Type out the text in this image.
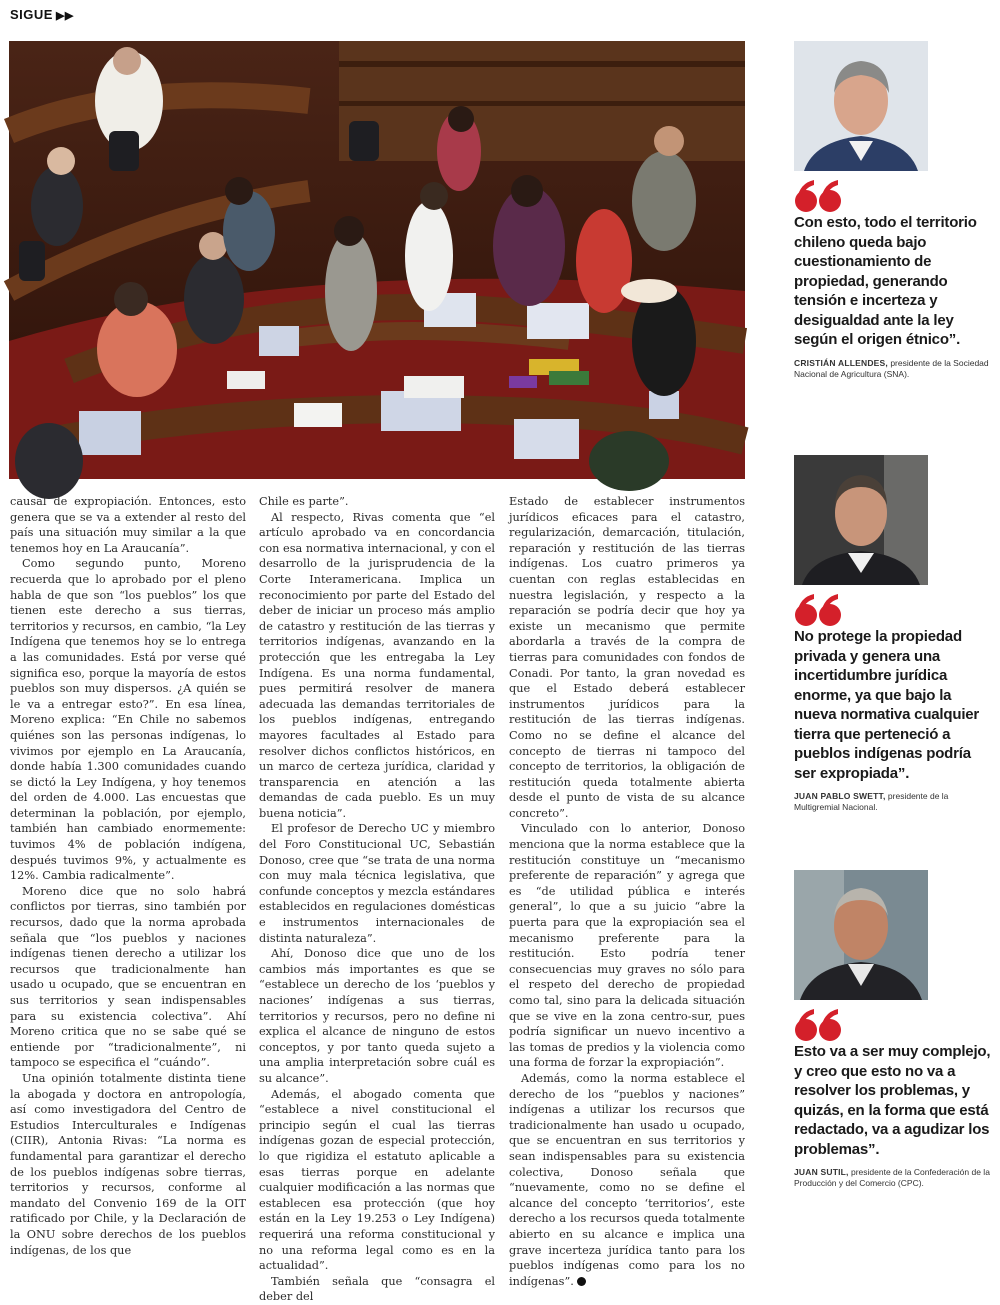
SIGUE ▶▶

causal de expropiación. Entonces, esto genera que se va a extender al resto del país una situación muy similar a la que tenemos hoy en La Araucanía”.

Como segundo punto, Moreno recuerda que lo aprobado por el pleno habla de que son “los pueblos” los que tienen este derecho a sus tierras, territorios y recursos, en cambio, “la Ley Indígena que tenemos hoy se lo entrega a las comunidades. Está por verse qué significa eso, porque la mayoría de estos pueblos son muy dispersos. ¿A quién se le va a entregar esto?”. En esa línea, Moreno explica: “En Chile no sabemos quiénes son las personas indígenas, lo vivimos por ejemplo en La Araucanía, donde había 1.300 comunidades cuando se dictó la Ley Indígena, y hoy tenemos del orden de 4.000. Las encuestas que determinan la población, por ejemplo, también han cambiado enormemente: tuvimos 4% de población indígena, después tuvimos 9%, y actualmente es 12%. Cambia radicalmente”.

Moreno dice que no solo habrá conflictos por tierras, sino también por recursos, dado que la norma aprobada señala que “los pueblos y naciones indígenas tienen derecho a utilizar los recursos que tradicionalmente han usado u ocupado, que se encuentran en sus territorios y sean indispensables para su existencia colectiva”. Ahí Moreno critica que no se sabe qué se entiende por “tradicionalmente”, ni tampoco se especifica el “cuándo”.

Una opinión totalmente distinta tiene la abogada y doctora en antropología, así como investigadora del Centro de Estudios Interculturales e Indígenas (CIIR), Antonia Rivas: “La norma es fundamental para garantizar el derecho de los pueblos indígenas sobre tierras, territorios y recursos, conforme al mandato del Convenio 169 de la OIT ratificado por Chile, y la Declaración de la ONU sobre derechos de los pueblos indígenas, de los que

Chile es parte”.

Al respecto, Rivas comenta que “el artículo aprobado va en concordancia con esa normativa internacional, y con el desarrollo de la jurisprudencia de la Corte Interamericana. Implica un reconocimiento por parte del Estado del deber de iniciar un proceso más amplio de catastro y restitución de las tierras y territorios indígenas, avanzando en la protección que les entregaba la Ley Indígena. Es una norma fundamental, pues permitirá resolver de manera adecuada las demandas territoriales de los pueblos indígenas, entregando mayores facultades al Estado para resolver dichos conflictos históricos, en un marco de certeza jurídica, claridad y transparencia en atención a las demandas de cada pueblo. Es un muy buena noticia”.

El profesor de Derecho UC y miembro del Foro Constitucional UC, Sebastián Donoso, cree que “se trata de una norma con muy mala técnica legislativa, que confunde conceptos y mezcla estándares establecidos en regulaciones domésticas e instrumentos internacionales de distinta naturaleza”.

Ahí, Donoso dice que uno de los cambios más importantes es que se “establece un derecho de los ‘pueblos y naciones’ indígenas a sus tierras, territorios y recursos, pero no define ni explica el alcance de ninguno de estos conceptos, y por tanto queda sujeto a una amplia interpretación sobre cuál es su alcance”.

Además, el abogado comenta que “establece a nivel constitucional el principio según el cual las tierras indígenas gozan de especial protección, lo que rigidiza el estatuto aplicable a esas tierras porque en adelante cualquier modificación a las normas que establecen esa protección (que hoy están en la Ley 19.253 o Ley Indígena) requerirá una reforma constitucional y no una reforma legal como es en la actualidad”.

También señala que “consagra el deber del

Estado de establecer instrumentos jurídicos eficaces para el catastro, regularización, demarcación, titulación, reparación y restitución de las tierras indígenas. Los cuatro primeros ya cuentan con reglas establecidas en nuestra legislación, y respecto a la reparación se podría decir que hoy ya existe un mecanismo que permite abordarla a través de la compra de tierras para comunidades con fondos de Conadi. Por tanto, la gran novedad es que el Estado deberá establecer instrumentos jurídicos para la restitución de las tierras indígenas. Como no se define el alcance del concepto de tierras ni tampoco del concepto de territorios, la obligación de restitución queda totalmente abierta desde el punto de vista de su alcance concreto”.

Vinculado con lo anterior, Donoso menciona que la norma establece que la restitución constituye un “mecanismo preferente de reparación” y agrega que es “de utilidad pública e interés general”, lo que a su juicio “abre la puerta para que la expropiación sea el mecanismo preferente para la restitución. Esto podría tener consecuencias muy graves no sólo para el respeto del derecho de propiedad como tal, sino para la delicada situación que se vive en la zona centro-sur, pues podría significar un nuevo incentivo a las tomas de predios y la violencia como una forma de forzar la expropiación”.

Además, como la norma establece el derecho de los “pueblos y naciones” indígenas a utilizar los recursos que tradicionalmente han usado u ocupado, que se encuentran en sus territorios y sean indispensables para su existencia colectiva, Donoso señala que “nuevamente, como no se define el alcance del concepto ‘territorios’, este derecho a los recursos queda totalmente abierto en su alcance e implica una grave incerteza jurídica tanto para los pueblos indígenas como para los no indígenas”.

Con esto, todo el territorio chileno queda bajo cuestionamiento de propiedad, generando tensión e incerteza y desigualdad ante la ley según el origen étnico”.
CRISTIÁN ALLENDES, presidente de la Sociedad Nacional de Agricultura (SNA).
No protege la propiedad privada y genera una incertidumbre jurídica enorme, ya que bajo la nueva normativa cualquier tierra que perteneció a pueblos indígenas podría ser expropiada”.
JUAN PABLO SWETT, presidente de la Multigremial Nacional.
Esto va a ser muy complejo, y creo que esto no va a resolver los problemas, y quizás, en la forma que está redactado, va a agudizar los problemas”.
JUAN SUTIL, presidente de la Confederación de la Producción y del Comercio (CPC).
